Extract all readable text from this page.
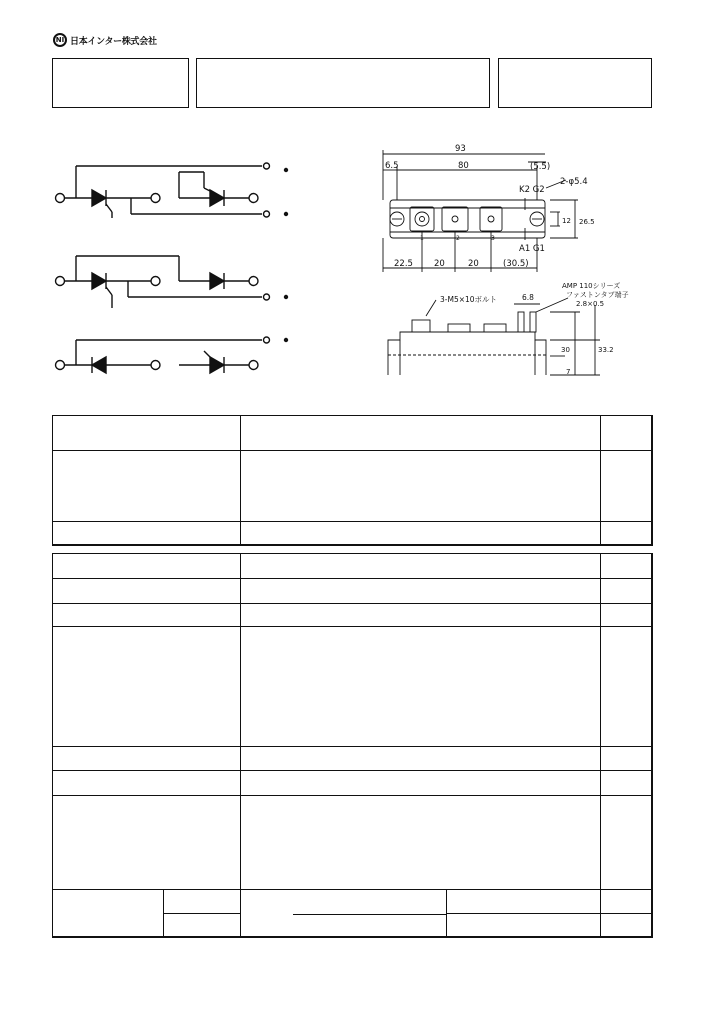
NI 日本インター株式会社
93
6.5	80	(5.5)
K2 G2
2-φ5.4
A1 G1
12 26.5
1	2	3
22.5 20	20	(30.5)
3-M5×10ボルト	6.8
AMP 110シリーズ
ファストンタブ端子
2.8×0.5
30	33.2
7
